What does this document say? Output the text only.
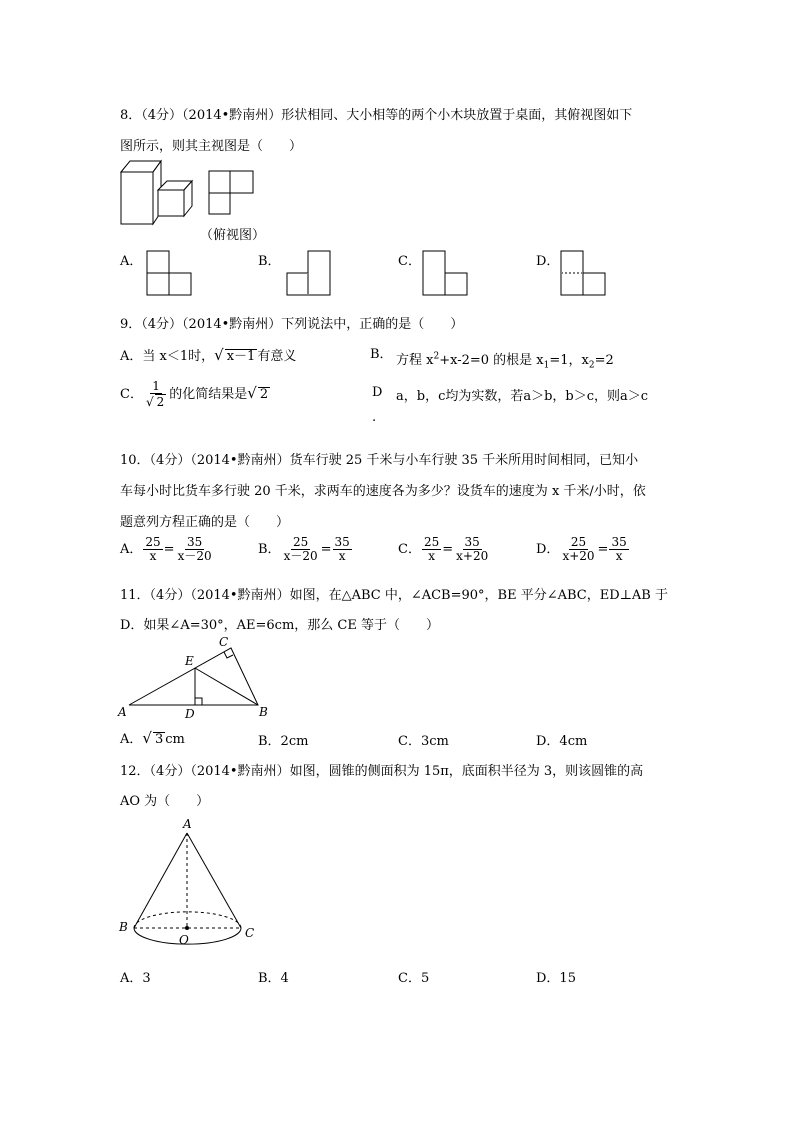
8．（4分）（2014•黔南州）形状相同、大小相等的两个小木块放置于桌面，其俯视图如下
图所示，则其主视图是（　　）
（俯视图）
A．	B．	C．	D．
9．（4分）（2014•黔南州）下列说法中，正确的是（　　）
A．当 x＜1时，√ x－1 有意义	B． 方程 $x^2+x-2=0$ 的根是 $x_1=1$，$x_2=2$
C． $\frac{1}{√ 2}$ 的化简结果是√ 2	D a，b，c均为实数，若a＞b，b＞c，则a＞c
.
10．（4分）（2014•黔南州）货车行驶 25 千米与小车行驶 35 千米所用时间相同，已知小
车每小时比货车多行驶 20 千米，求两车的速度各为多少？设货车的速度为 x 千米/小时，依
题意列方程正确的是（　　）
A． $\frac{25}{x} = \frac{35}{x-20}$	B． $\frac{25}{x-20} = \frac{35}{x}$	C． $\frac{25}{x} = \frac{35}{x+20}$	D． $\frac{25}{x+20} = \frac{35}{x}$
11．（4分）（2014•黔南州）如图，在△ABC 中，∠ACB=90°，BE 平分∠ABC，ED⊥AB 于
D．如果∠A=30°，AE=6cm，那么 CE 等于（　　）
A	B
C
D
E
A．√ 3 cm	B．2cm	C．3cm	D．4cm
12．（4分）（2014•黔南州）如图，圆锥的侧面积为 15π，底面积半径为 3，则该圆锥的高
AO 为（　　）
A
B	C
O
A．3	B．4	C．5	D．15
